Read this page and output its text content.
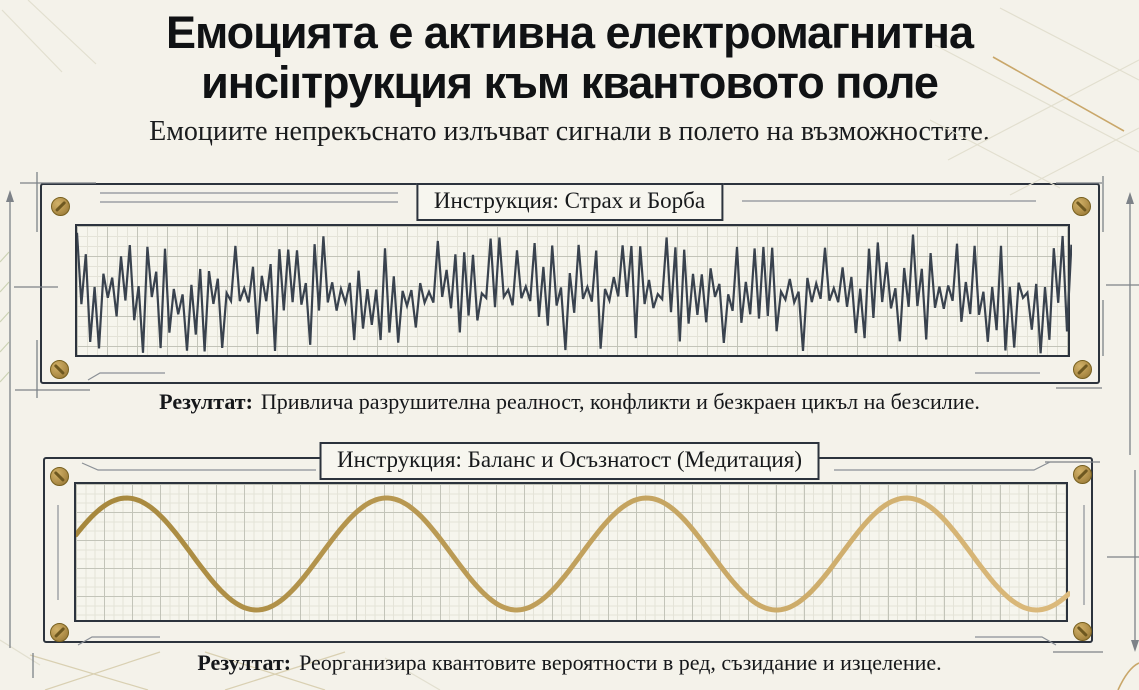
Емоцията е активна електромагнитна
инсiıтрукция към квантовото поле
Емоциите непрекъснато излъчват сигнали в полето на възможностите.
Инструкция: Страх и Борба
Резултат: Привлича разрушителна реалност, конфликти и безкраен цикъл на безсилие.
Инструкция: Баланс и Осъзнатост (Медитация)
Резултат: Реорганизира квантовите вероятности в ред, съзидание и изцеление.
